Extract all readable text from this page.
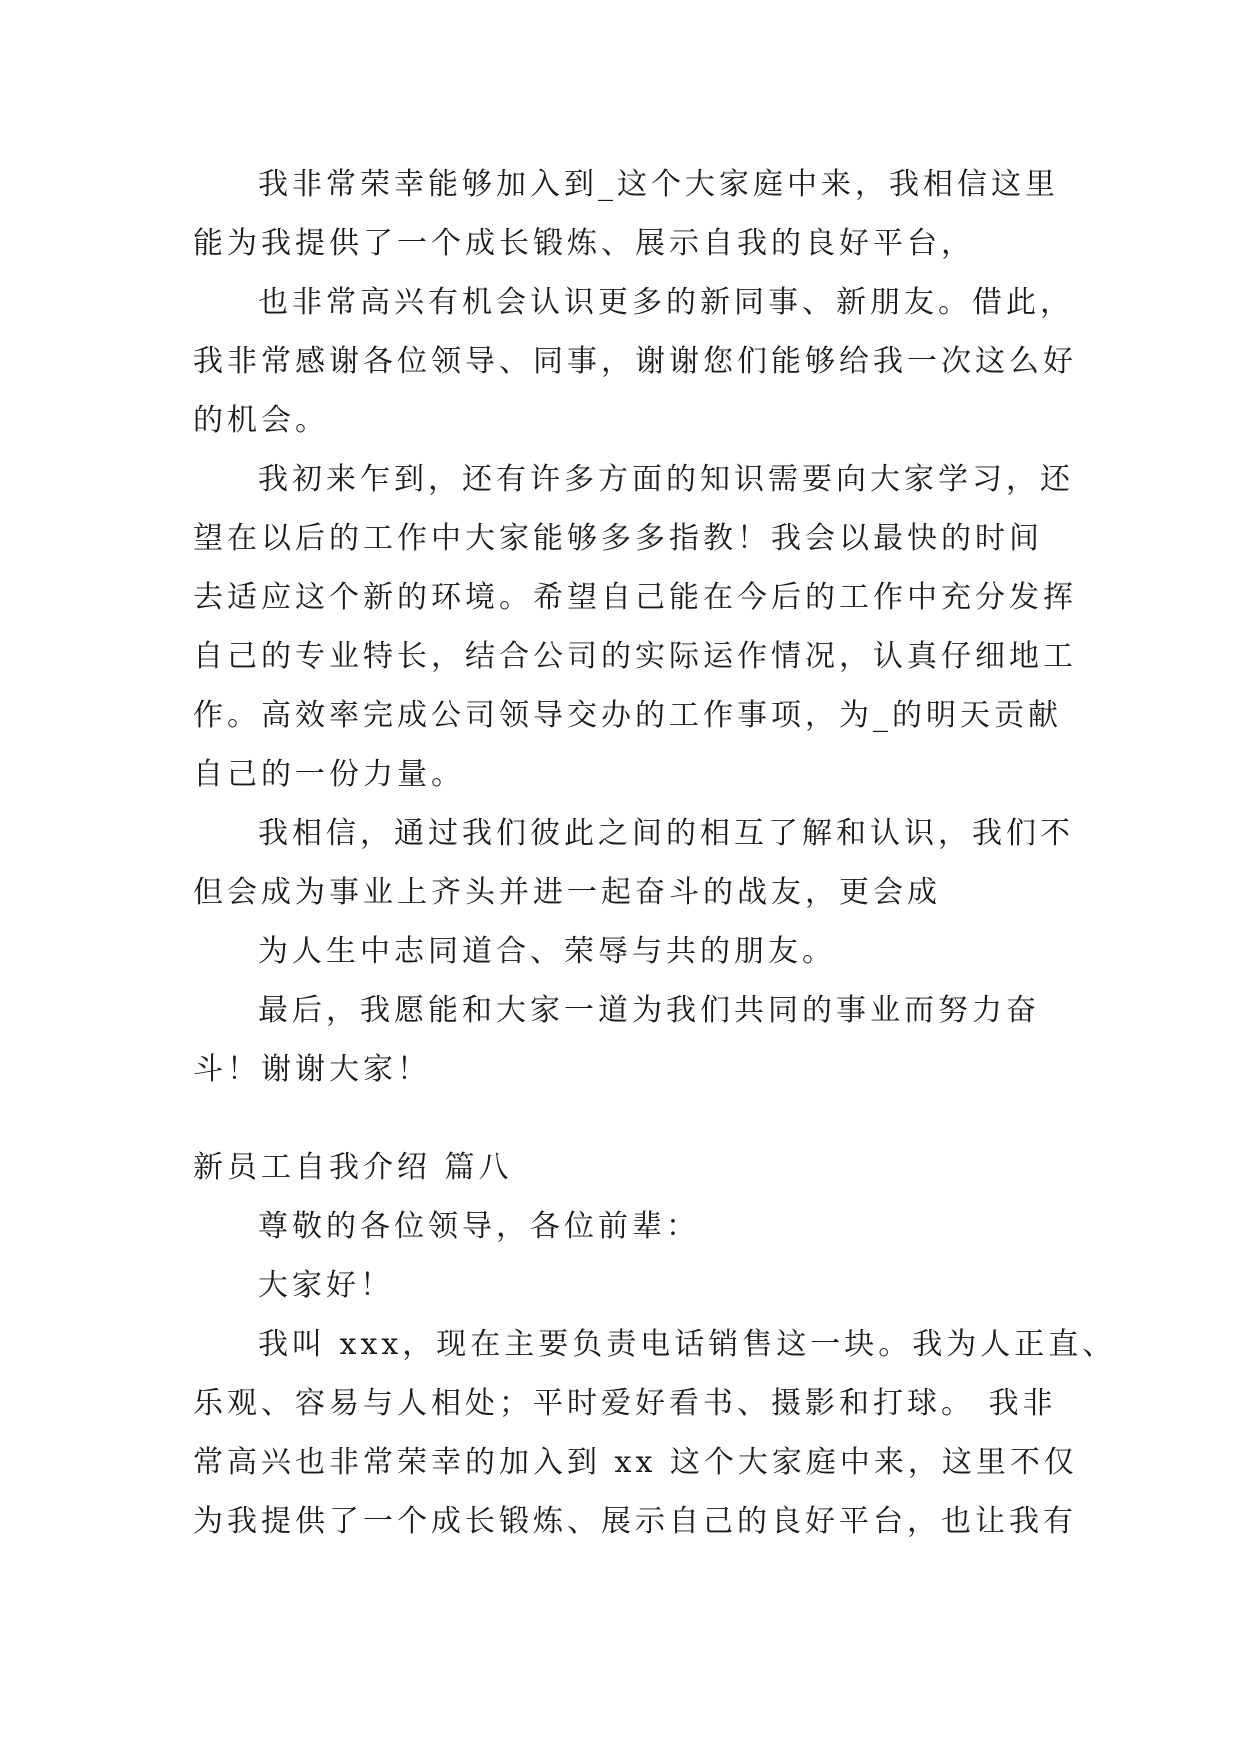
我非常荣幸能够加入到_这个大家庭中来，我相信这里
能为我提供了一个成长锻炼、展示自我的良好平台，
也非常高兴有机会认识更多的新同事、新朋友。借此，
我非常感谢各位领导、同事，谢谢您们能够给我一次这么好
的机会。
我初来乍到，还有许多方面的知识需要向大家学习，还
望在以后的工作中大家能够多多指教！我会以最快的时间
去适应这个新的环境。希望自己能在今后的工作中充分发挥
自己的专业特长，结合公司的实际运作情况，认真仔细地工
作。高效率完成公司领导交办的工作事项，为_的明天贡献
自己的一份力量。
我相信，通过我们彼此之间的相互了解和认识，我们不
但会成为事业上齐头并进一起奋斗的战友，更会成
为人生中志同道合、荣辱与共的朋友。
最后，我愿能和大家一道为我们共同的事业而努力奋
斗！谢谢大家！
新员工自我介绍 篇八
尊敬的各位领导，各位前辈：
大家好！
我叫 xxx，现在主要负责电话销售这一块。我为人正直、
乐观、容易与人相处；平时爱好看书、摄影和打球。 我非
常高兴也非常荣幸的加入到 xx 这个大家庭中来，这里不仅
为我提供了一个成长锻炼、展示自己的良好平台，也让我有
